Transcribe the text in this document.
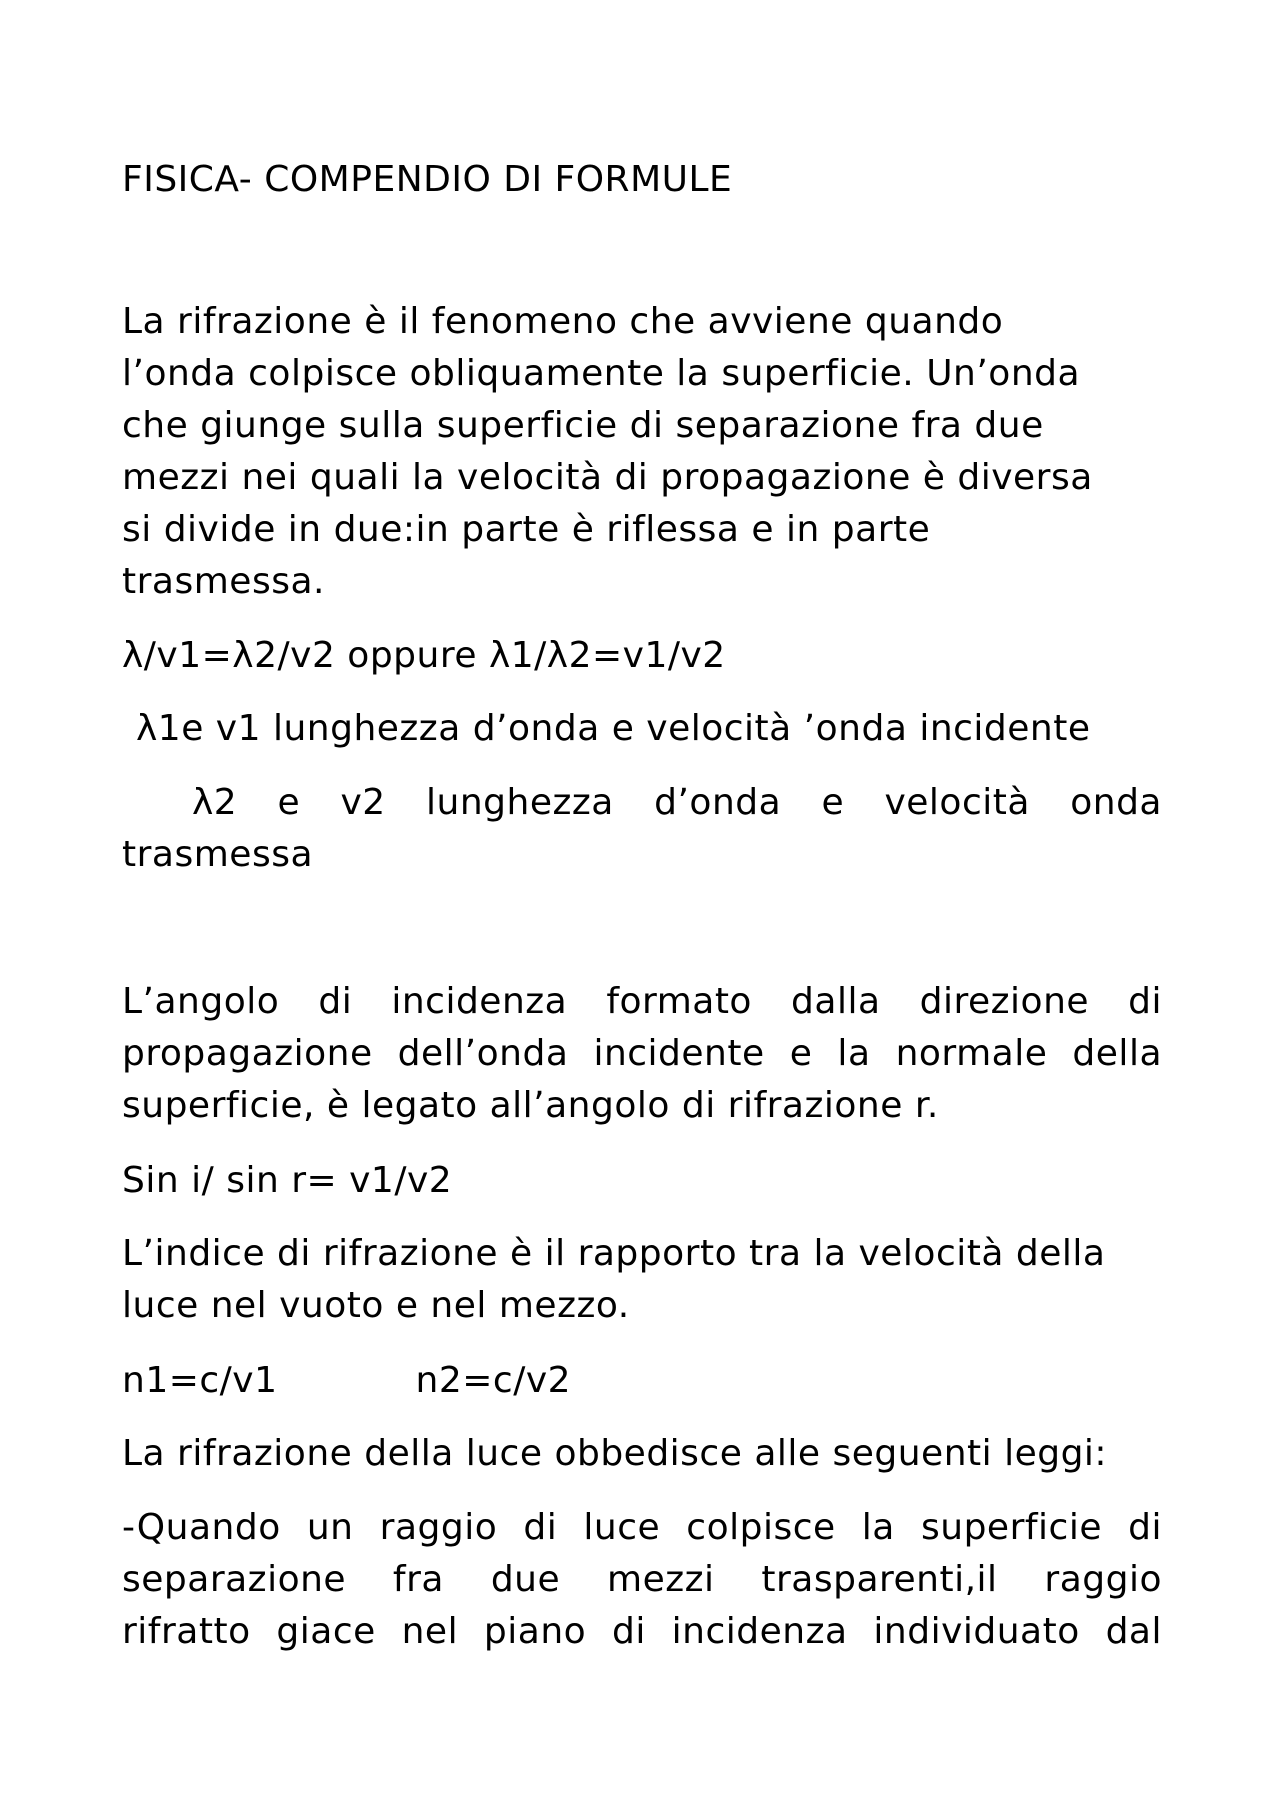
FISICA- COMPENDIO DI FORMULE

La rifrazione è il fenomeno che avviene quando
l’onda colpisce obliquamente la superficie. Un’onda
che giunge sulla superficie di separazione fra due
mezzi nei quali la velocità di propagazione è diversa
si divide in due:in parte è riflessa e in parte
trasmessa.

λ/v1=λ2/v2 oppure λ1/λ2=v1/v2

λ1e v1 lunghezza d’onda e velocità ’onda incidente

λ2 e v2 lunghezza d’onda e velocità onda
trasmessa

L’angolo di incidenza formato dalla direzione di
propagazione dell’onda incidente e la normale della
superficie, è legato all’angolo di rifrazione r.

Sin i/ sin r= v1/v2

L’indice di rifrazione è il rapporto tra la velocità della
luce nel vuoto e nel mezzo.

n1=c/v1	n2=c/v2

La rifrazione della luce obbedisce alle seguenti leggi:

-Quando un raggio di luce colpisce la superficie di
separazione fra due mezzi trasparenti,il raggio
rifratto giace nel piano di incidenza individuato dal
